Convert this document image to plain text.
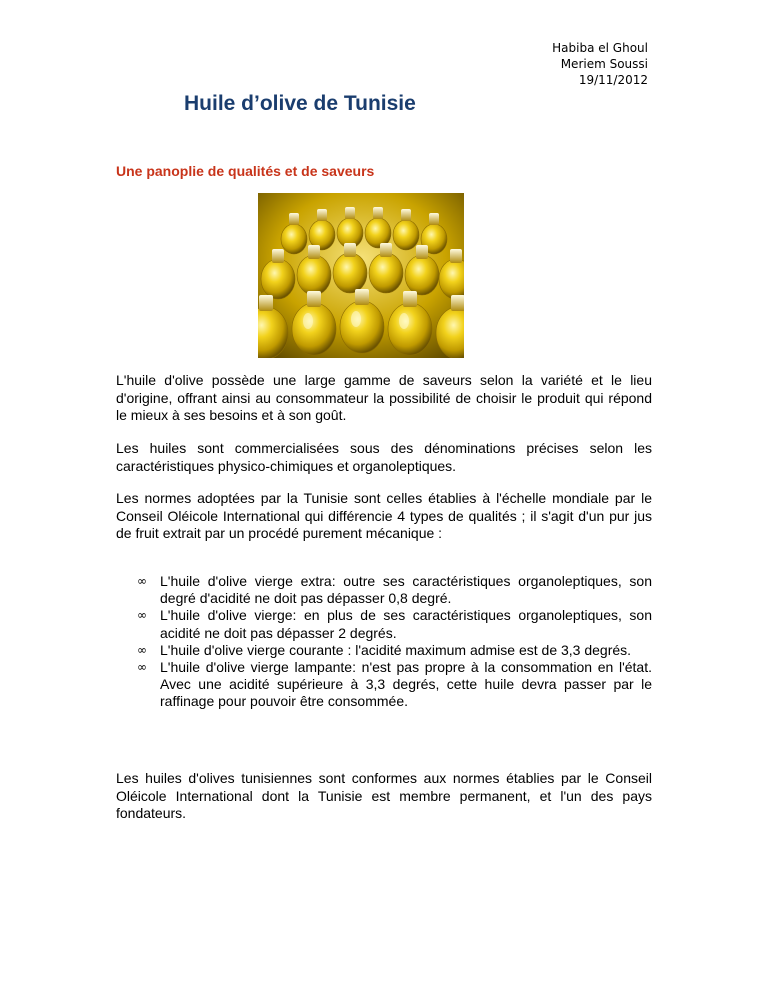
Habiba el Ghoul
Meriem Soussi
19/11/2012
Huile d’olive de Tunisie
Une panoplie de qualités et de saveurs

L'huile d'olive possède une large gamme de saveurs selon la variété et le lieu d'origine, offrant ainsi au consommateur la possibilité de choisir le produit qui répond le mieux à ses besoins et à son goût.

Les huiles sont commercialisées sous des dénominations précises selon les caractéristiques physico-chimiques et organoleptiques.

Les normes adoptées par la Tunisie sont celles établies à l'échelle mondiale par le Conseil Oléicole International qui différencie 4 types de qualités ; il s'agit d'un pur jus de fruit extrait par un procédé purement mécanique :

∞ L'huile d'olive vierge extra: outre ses caractéristiques organoleptiques, son degré d'acidité ne doit pas dépasser 0,8 degré.
∞ L'huile d'olive vierge: en plus de ses caractéristiques organoleptiques, son acidité ne doit pas dépasser 2 degrés.
∞ L'huile d'olive vierge courante : l'acidité maximum admise est de 3,3 degrés.
∞ L'huile d'olive vierge lampante: n'est pas propre à la consommation en l'état. Avec une acidité supérieure à 3,3 degrés, cette huile devra passer par le raffinage pour pouvoir être consommée.

Les huiles d'olives tunisiennes sont conformes aux normes établies par le Conseil Oléicole International dont la Tunisie est membre permanent, et l'un des pays fondateurs.
